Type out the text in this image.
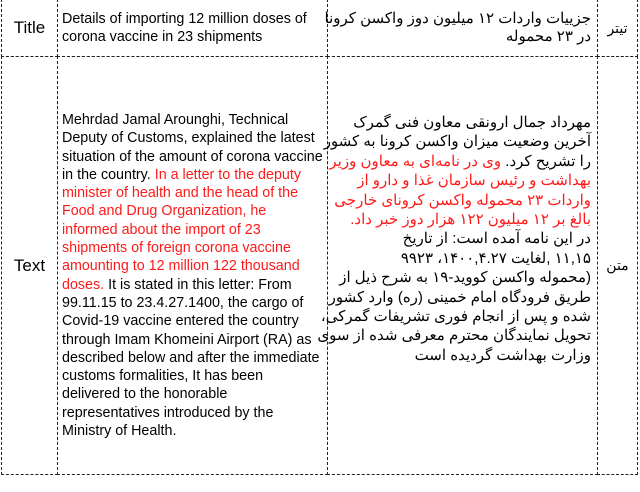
Title	Details of importing 12 million doses of
corona vaccine in 23 shipments
جزییات واردات ۱۲ میلیون دوز واکسن کرونا
در ۲۳ محموله
تیتر
Text
Mehrdad Jamal Arounghi, Technical Deputy of Customs, explained the latest situation of the amount of corona vaccine in the country. In a letter to the deputy minister of health and the head of the Food and Drug Organization, he informed about the import of 23 shipments of foreign corona vaccine amounting to 12 million 122 thousand doses. It is stated in this letter: From 99.11.15 to 23.4.27.1400, the cargo of Covid-19 vaccine entered the country through Imam Khomeini Airport (RA) as described below and after the immediate customs formalities, It has been delivered to the honorable representatives introduced by the Ministry of Health.
مهرداد جمال ارونقی معاون فنی گمرک
آخرین وضعیت میزان واکسن کرونا به کشور
را تشریح کرد. وی در نامه‌ای به معاون وزیر
بهداشت و رئیس سازمان غذا و دارو از
واردات ۲۳ محموله واکسن کرونای خارجی
بالغ بر ۱۲ میلیون ۱۲۲ هزار دوز خبر داد.
در این نامه آمده است: از تاریخ
۱۱,۱۵ ,لغایت ۱۴۰۰,۴.۲۷، ۹۹۲۳
(محموله واکسن کووید-۱۹ به شرح ذیل از
طریق فرودگاه امام خمینی (ره) وارد کشور
شده و پس از انجام فوری تشریفات گمرکی،
تحویل نمایندگان محترم معرفی شده از سوی
وزارت بهداشت گردیده است
متن
